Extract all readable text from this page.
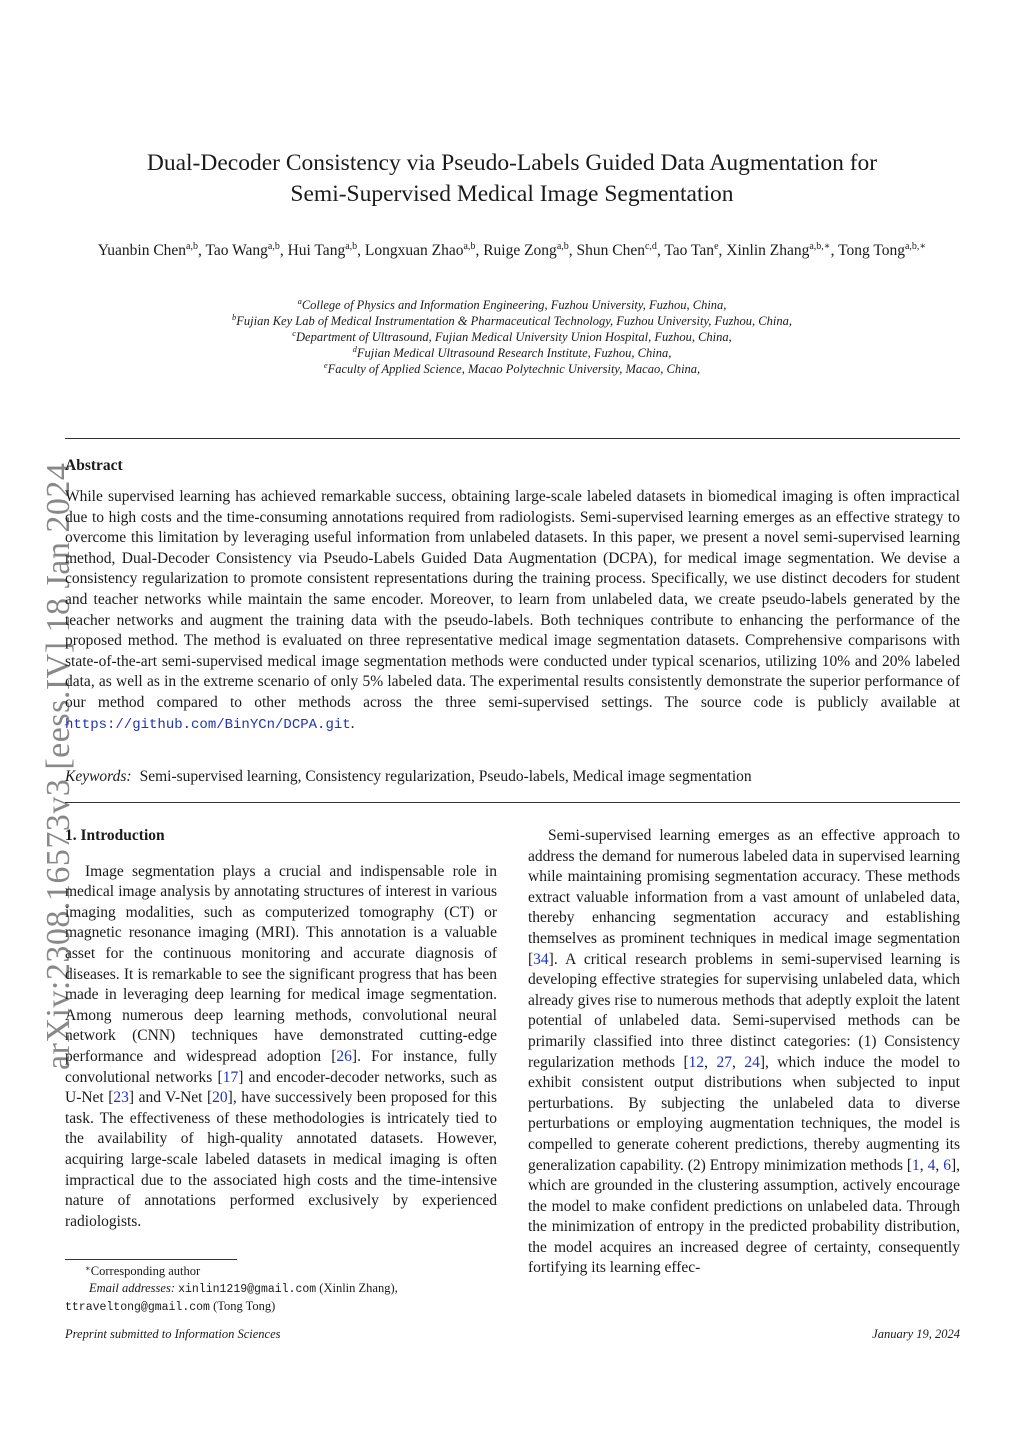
arXiv:2308.16573v3 [eess.IV] 18 Jan 2024
Dual-Decoder Consistency via Pseudo-Labels Guided Data Augmentation for
Semi-Supervised Medical Image Segmentation
Yuanbin Chen$^{a,b}$, Tao Wang$^{a,b}$, Hui Tang$^{a,b}$, Longxuan Zhao$^{a,b}$, Ruige Zong$^{a,b}$, Shun Chen$^{c,d}$, Tao Tan$^e$, Xinlin Zhang$^{a,b,∗}$, Tong Tong$^{a,b,∗}$
$^a$College of Physics and Information Engineering, Fuzhou University, Fuzhou, China,
$^b$Fujian Key Lab of Medical Instrumentation & Pharmaceutical Technology, Fuzhou University, Fuzhou, China,
$^c$Department of Ultrasound, Fujian Medical University Union Hospital, Fuzhou, China,
$^d$Fujian Medical Ultrasound Research Institute, Fuzhou, China,
$^e$Faculty of Applied Science, Macao Polytechnic University, Macao, China,
Abstract
While supervised learning has achieved remarkable success, obtaining large-scale labeled datasets in biomedical imaging is often impractical due to high costs and the time-consuming annotations required from radiologists. Semi-supervised learning emerges as an effective strategy to overcome this limitation by leveraging useful information from unlabeled datasets. In this paper, we present a novel semi-supervised learning method, Dual-Decoder Consistency via Pseudo-Labels Guided Data Augmentation (DCPA), for medical image segmentation. We devise a consistency regularization to promote consistent representations during the training process. Specifically, we use distinct decoders for student and teacher networks while maintain the same encoder. Moreover, to learn from unlabeled data, we create pseudo-labels generated by the teacher networks and augment the training data with the pseudo-labels. Both techniques contribute to enhancing the performance of the proposed method. The method is evaluated on three representative medical image segmentation datasets. Comprehensive comparisons with state-of-the-art semi-supervised medical image segmentation methods were conducted under typical scenarios, utilizing 10% and 20% labeled data, as well as in the extreme scenario of only 5% labeled data. The experimental results consistently demonstrate the superior performance of our method compared to other methods across the three semi-supervised settings. The source code is publicly available at https://github.com/BinYCn/DCPA.git.
Keywords: Semi-supervised learning, Consistency regularization, Pseudo-labels, Medical image segmentation
1. Introduction

Image segmentation plays a crucial and indispensable role in medical image analysis by annotating structures of interest in various imaging modalities, such as computerized tomography (CT) or magnetic resonance imaging (MRI). This annotation is a valuable asset for the continuous monitoring and accurate diagnosis of diseases. It is remarkable to see the significant progress that has been made in leveraging deep learning for medical image segmentation. Among numerous deep learning methods, convolutional neural network (CNN) techniques have demonstrated cutting-edge performance and widespread adoption [26]. For instance, fully convolutional networks [17] and encoder-decoder networks, such as U-Net [23] and V-Net [20], have successively been proposed for this task. The effectiveness of these methodologies is intricately tied to the availability of high-quality annotated datasets. However, acquiring large-scale labeled datasets in medical imaging is often impractical due to the associated high costs and the time-intensive nature of annotations performed exclusively by experienced radiologists.

Semi-supervised learning emerges as an effective approach to address the demand for numerous labeled data in supervised learning while maintaining promising segmentation accuracy. These methods extract valuable information from a vast amount of unlabeled data, thereby enhancing segmentation accuracy and establishing themselves as prominent techniques in medical image segmentation [34]. A critical research problems in semi-supervised learning is developing effective strategies for supervising unlabeled data, which already gives rise to numerous methods that adeptly exploit the latent potential of unlabeled data. Semi-supervised methods can be primarily classified into three distinct categories: (1) Consistency regularization methods [12, 27, 24], which induce the model to exhibit consistent output distributions when subjected to input perturbations. By subjecting the unlabeled data to diverse perturbations or employing augmentation techniques, the model is compelled to generate coherent predictions, thereby augmenting its generalization capability. (2) Entropy minimization methods [1, 4, 6], which are grounded in the clustering assumption, actively encourage the model to make confident predictions on unlabeled data. Through the minimization of entropy in the predicted probability distribution, the model acquires an increased degree of certainty, consequently fortifying its learning effec-

∗Corresponding author
Email addresses: xinlin1219@gmail.com (Xinlin Zhang),
ttraveltong@gmail.com (Tong Tong)
Preprint submitted to Information Sciences	January 19, 2024
